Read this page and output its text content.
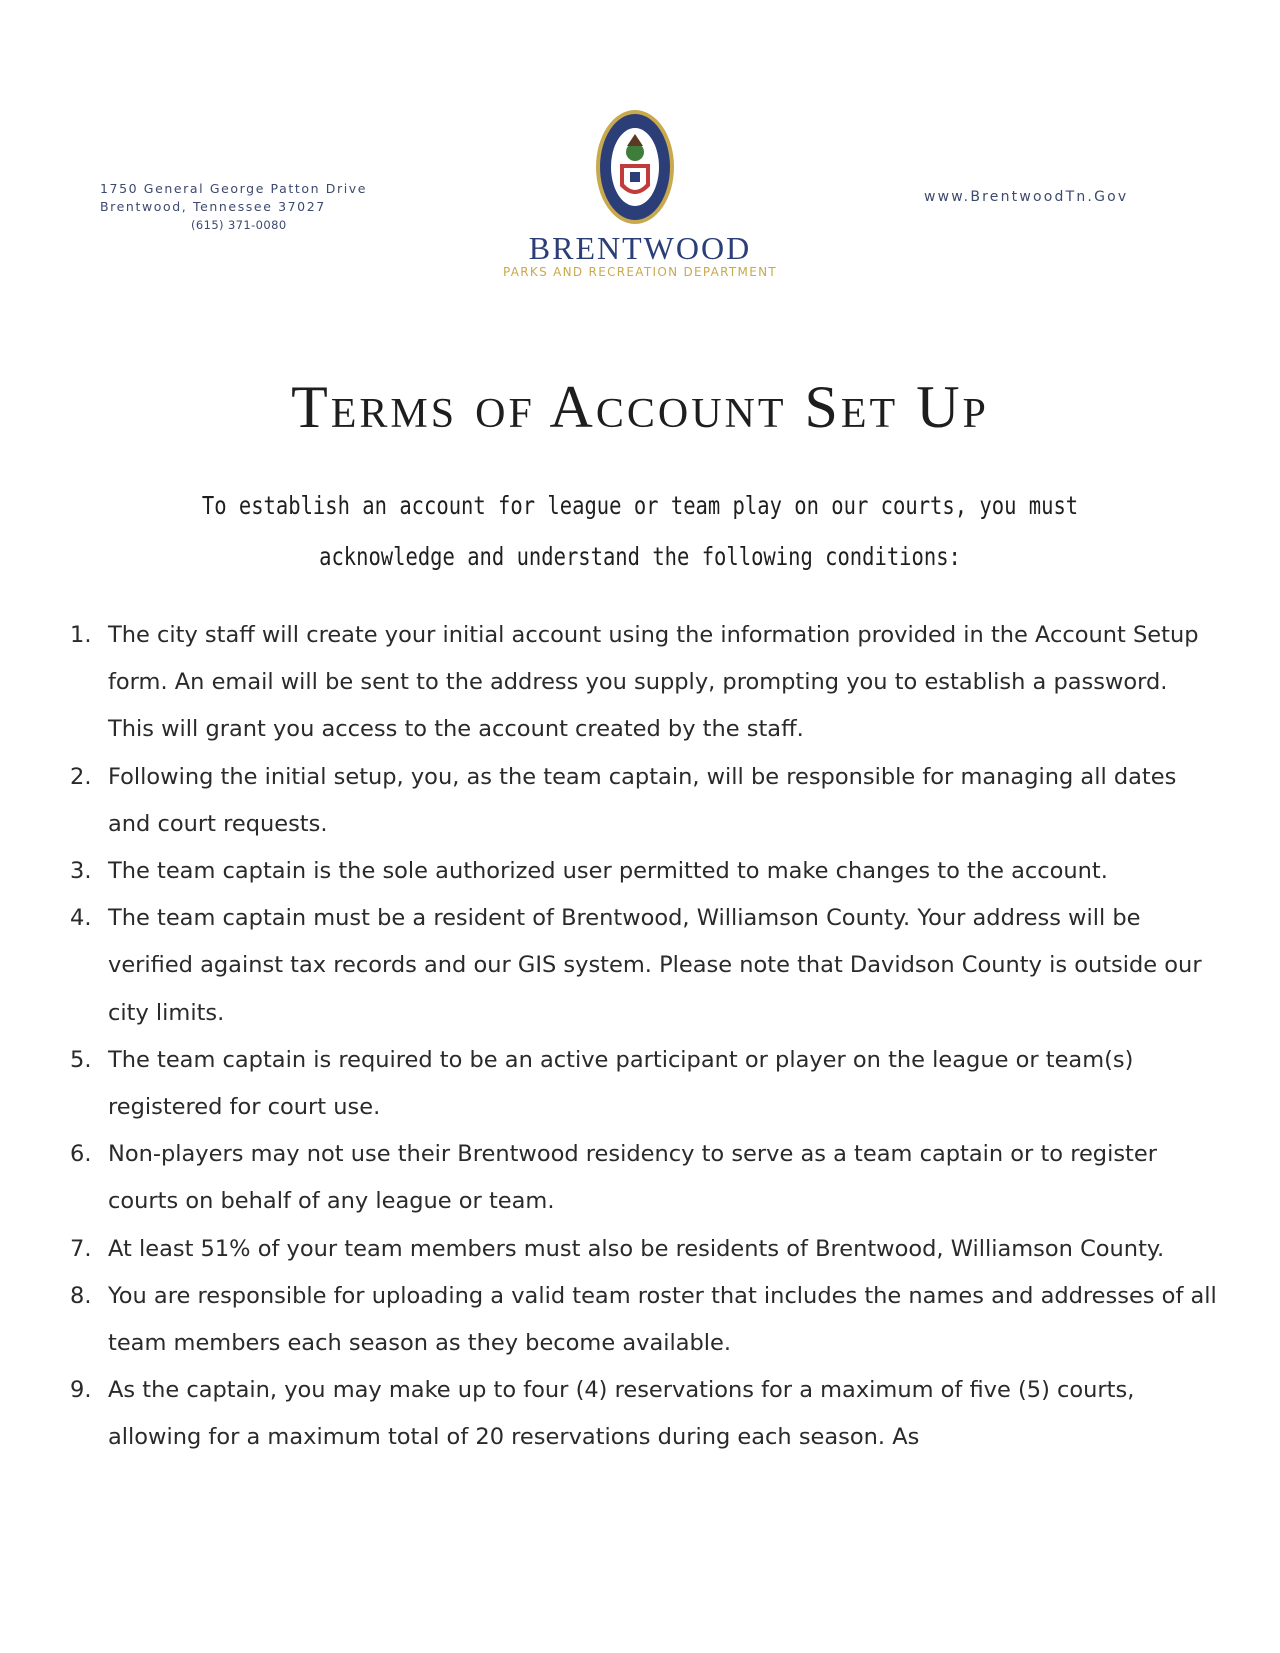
1750 General George Patton Drive
Brentwood, Tennessee 37027
(615) 371-0080
BRENTWOOD
PARKS AND RECREATION DEPARTMENT
www.BrentwoodTn.Gov
Terms of Account Set Up

To establish an account for league or team play on our courts, you must acknowledge and understand the following conditions:

1. The city staff will create your initial account using the information provided in the Account Setup form. An email will be sent to the address you supply, prompting you to establish a password. This will grant you access to the account created by the staff.
2. Following the initial setup, you, as the team captain, will be responsible for managing all dates and court requests.
3. The team captain is the sole authorized user permitted to make changes to the account.
4. The team captain must be a resident of Brentwood, Williamson County. Your address will be verified against tax records and our GIS system. Please note that Davidson County is outside our city limits.
5. The team captain is required to be an active participant or player on the league or team(s) registered for court use.
6. Non-players may not use their Brentwood residency to serve as a team captain or to register courts on behalf of any league or team.
7. At least 51% of your team members must also be residents of Brentwood, Williamson County.
8. You are responsible for uploading a valid team roster that includes the names and addresses of all team members each season as they become available.
9. As the captain, you may make up to four (4) reservations for a maximum of five (5) courts, allowing for a maximum total of 20 reservations during each season. As
